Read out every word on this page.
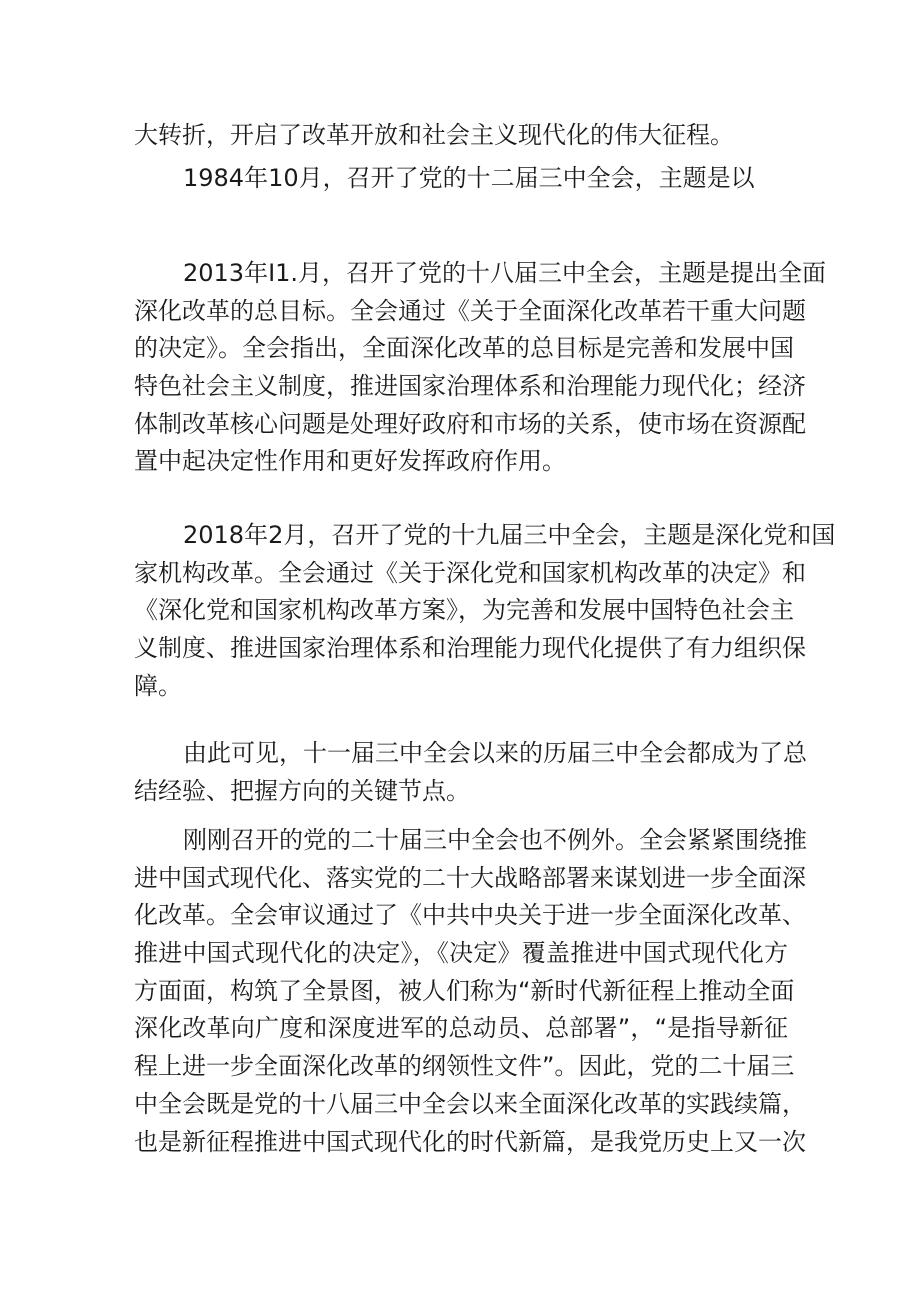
大转折，开启了改革开放和社会主义现代化的伟大征程。
1984年10月，召开了党的十二届三中全会，主题是以
2013年I1.月，召开了党的十八届三中全会，主题是提出全面
深化改革的总目标。全会通过《关于全面深化改革若干重大问题
的决定》。全会指出，全面深化改革的总目标是完善和发展中国
特色社会主义制度，推进国家治理体系和治理能力现代化；经济
体制改革核心问题是处理好政府和市场的关系，使市场在资源配
置中起决定性作用和更好发挥政府作用。
2018年2月，召开了党的十九届三中全会，主题是深化党和国
家机构改革。全会通过《关于深化党和国家机构改革的决定》和
《深化党和国家机构改革方案》，为完善和发展中国特色社会主
义制度、推进国家治理体系和治理能力现代化提供了有力组织保
障。
由此可见，十一届三中全会以来的历届三中全会都成为了总
结经验、把握方向的关键节点。
刚刚召开的党的二十届三中全会也不例外。全会紧紧围绕推
进中国式现代化、落实党的二十大战略部署来谋划进一步全面深
化改革。全会审议通过了《中共中央关于进一步全面深化改革、
推进中国式现代化的决定》，《决定》覆盖推进中国式现代化方
方面面，构筑了全景图，被人们称为“新时代新征程上推动全面
深化改革向广度和深度进军的总动员、总部署”，“是指导新征
程上进一步全面深化改革的纲领性文件”。因此，党的二十届三
中全会既是党的十八届三中全会以来全面深化改革的实践续篇，
也是新征程推进中国式现代化的时代新篇，是我党历史上又一次
